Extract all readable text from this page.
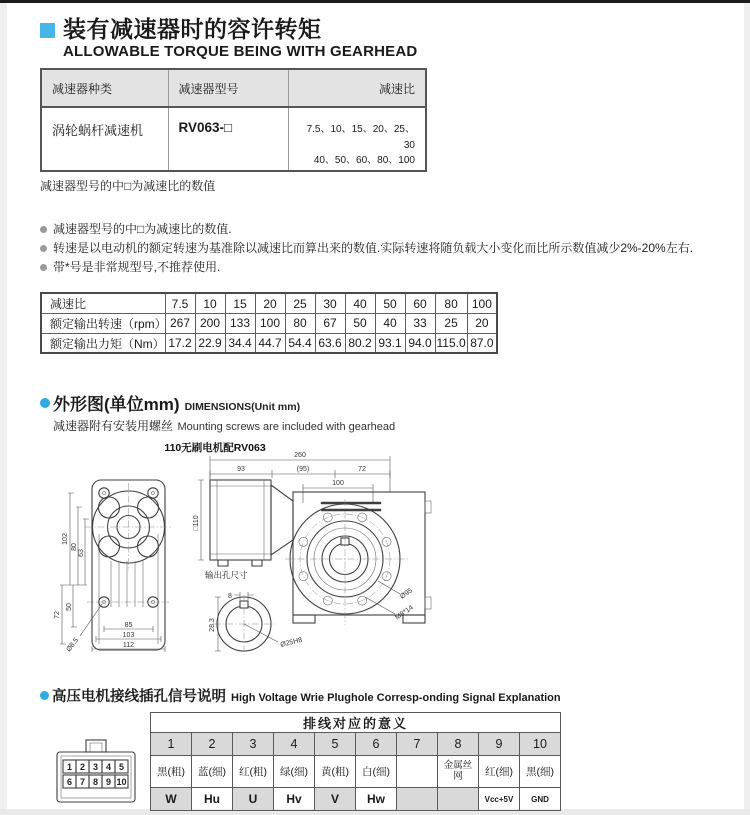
装有减速器时的容许转矩
ALLOWABLE TORQUE BEING WITH GEARHEAD
减速器种类	减速器型号	减速比
涡轮蜗杆减速机	RV063-□	7.5、10、15、20、25、30
40、50、60、80、100
减速器型号的中□为减速比的数值
减速器型号的中□为减速比的数值.
转速是以电动机的额定转速为基准除以减速比而算出来的数值.实际转速将随负载大小变化而比所示数值减少2%-20%左右.
带*号是非常规型号,不推荐使用.
减速比	7.5	10	15	20	25	30	40	50	60	80	100
额定输出转速（rpm）	267	200	133	100	80	67	50	40	33	25	20
额定输出力矩（Nm）	17.2	22.9	34.4	44.7	54.4	63.6	80.2	93.1	94.0	115.0	87.0
外形图(单位mm) DIMENSIONS(Unit mm)
减速器附有安装用螺丝 Mounting screws are included with gearhead
110无刷电机配RV063
102
80
63
72
50
85
103
112
Ø8.5
260
93	(95)	72
100
□110
Ø95
M8*14
输出孔尺寸
8
28.3
Ø25H8
高压电机接线插孔信号说明 High Voltage Wrie Plughole Corresp-onding Signal Explanation
1 2 3 4 5
6 7 8 9 10
排线对应的意义									
1	2	3	4	5	6	7	8	9	10
黑(粗)	蓝(细)	红(粗)	绿(细)	黄(粗)	白(细)		金属丝网	红(细)	黑(细)
W	Hu	U	Hv	V	Hw			Vcc+5V	GND
